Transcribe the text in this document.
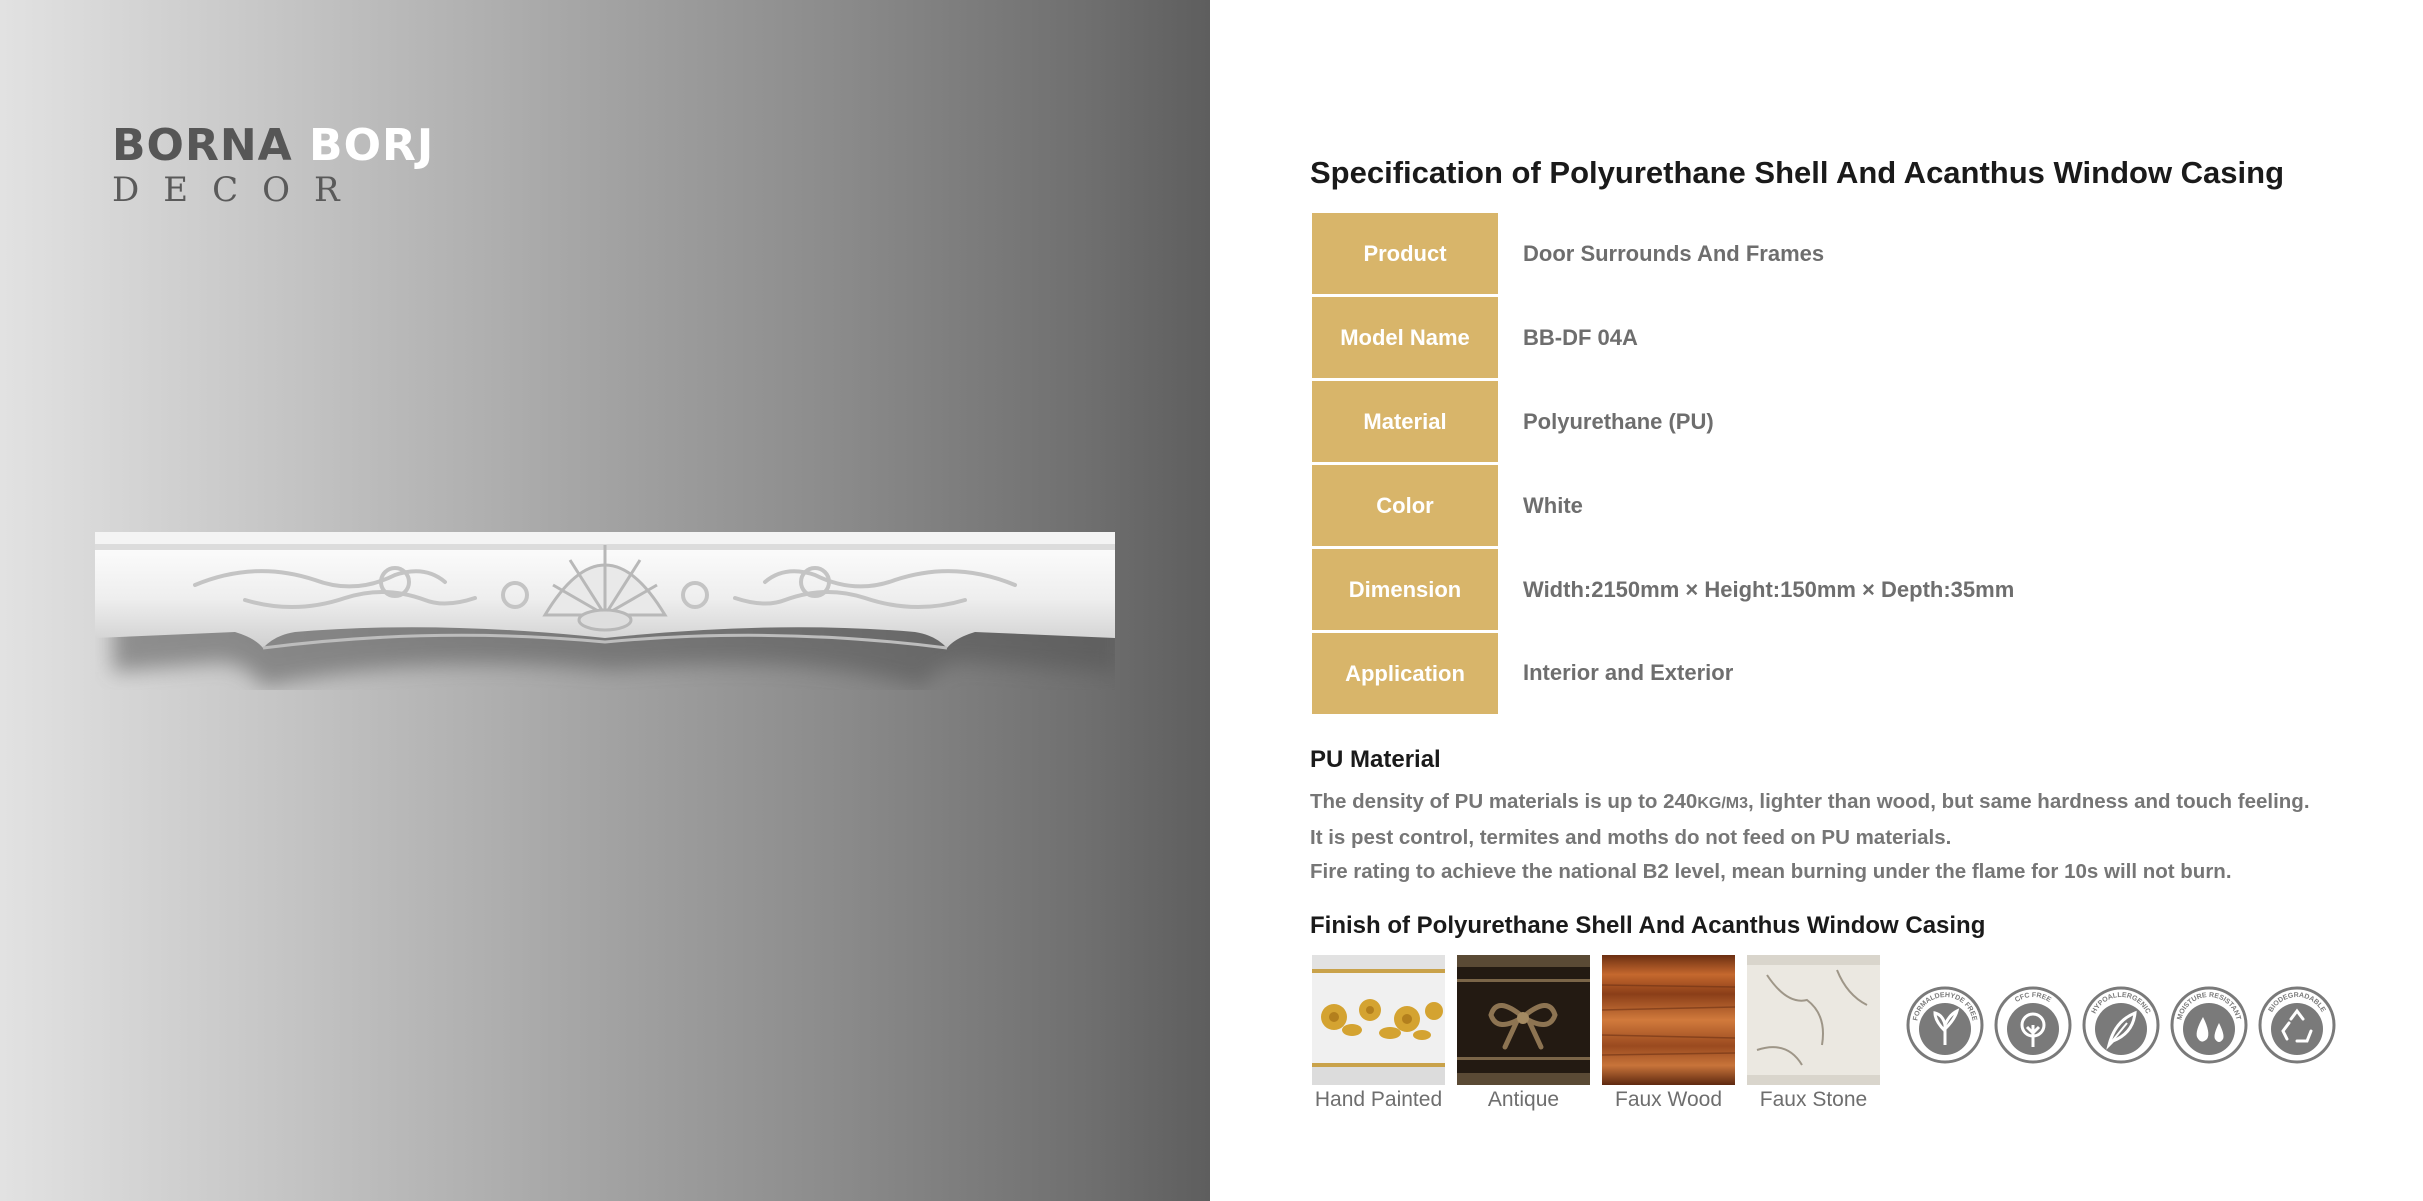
BORNA BORJ
DECOR	Specification of Polyurethane Shell And Acanthus Window Casing
Product	Door Surrounds And Frames
Model Name	BB-DF 04A
Material	Polyurethane (PU)
Color	White
Dimension	Width:2150mm × Height:150mm × Depth:35mm
Application	Interior and Exterior
PU Material
The density of PU materials is up to 240KG/M3, lighter than wood, but same hardness and touch feeling.
It is pest control, termites and moths do not feed on PU materials.
Fire rating to achieve the national B2 level, mean burning under the flame for 10s will not burn.
Finish of Polyurethane Shell And Acanthus Window Casing
Hand Painted	Antique	Faux Wood	Faux Stone
FORMALDEHYDE FREE
CFC FREE
HYPOALLERGENIC
MOISTURE RESISTANT
BIODEGRADABLE
